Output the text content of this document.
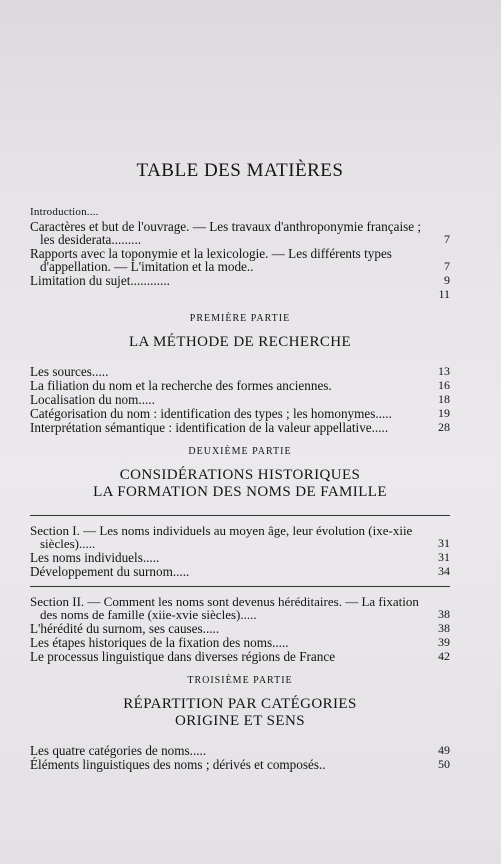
TABLE DES MATIÈRES
Introduction....
Caractères et but de l'ouvrage. — Les travaux d'anthroponymie française ; les desiderata.........	7
Rapports avec la toponymie et la lexicologie. — Les différents types d'appellation. — L'imitation et la mode..	7
Limitation du sujet............	9
11
PREMIÈRE PARTIE
LA MÉTHODE DE RECHERCHE
Les sources.....	13
La filiation du nom et la recherche des formes anciennes.	16
Localisation du nom.....	18
Catégorisation du nom : identification des types ; les homonymes.....	19
Interprétation sémantique : identification de la valeur appellative.....	28
DEUXIÈME PARTIE
CONSIDÉRATIONS HISTORIQUES
LA FORMATION DES NOMS DE FAMILLE
Section I. — Les noms individuels au moyen âge, leur évolution (ixe-xiie siècles).....	31
Les noms individuels.....	31
Développement du surnom.....	34
Section II. — Comment les noms sont devenus héréditaires. — La fixation des noms de famille (xiie-xvie siècles).....	38
L'hérédité du surnom, ses causes.....	38
Les étapes historiques de la fixation des noms.....	39
Le processus linguistique dans diverses régions de France	42
TROISIÈME PARTIE
RÉPARTITION PAR CATÉGORIES
ORIGINE ET SENS
Les quatre catégories de noms.....	49
Éléments linguistiques des noms ; dérivés et composés..	50
